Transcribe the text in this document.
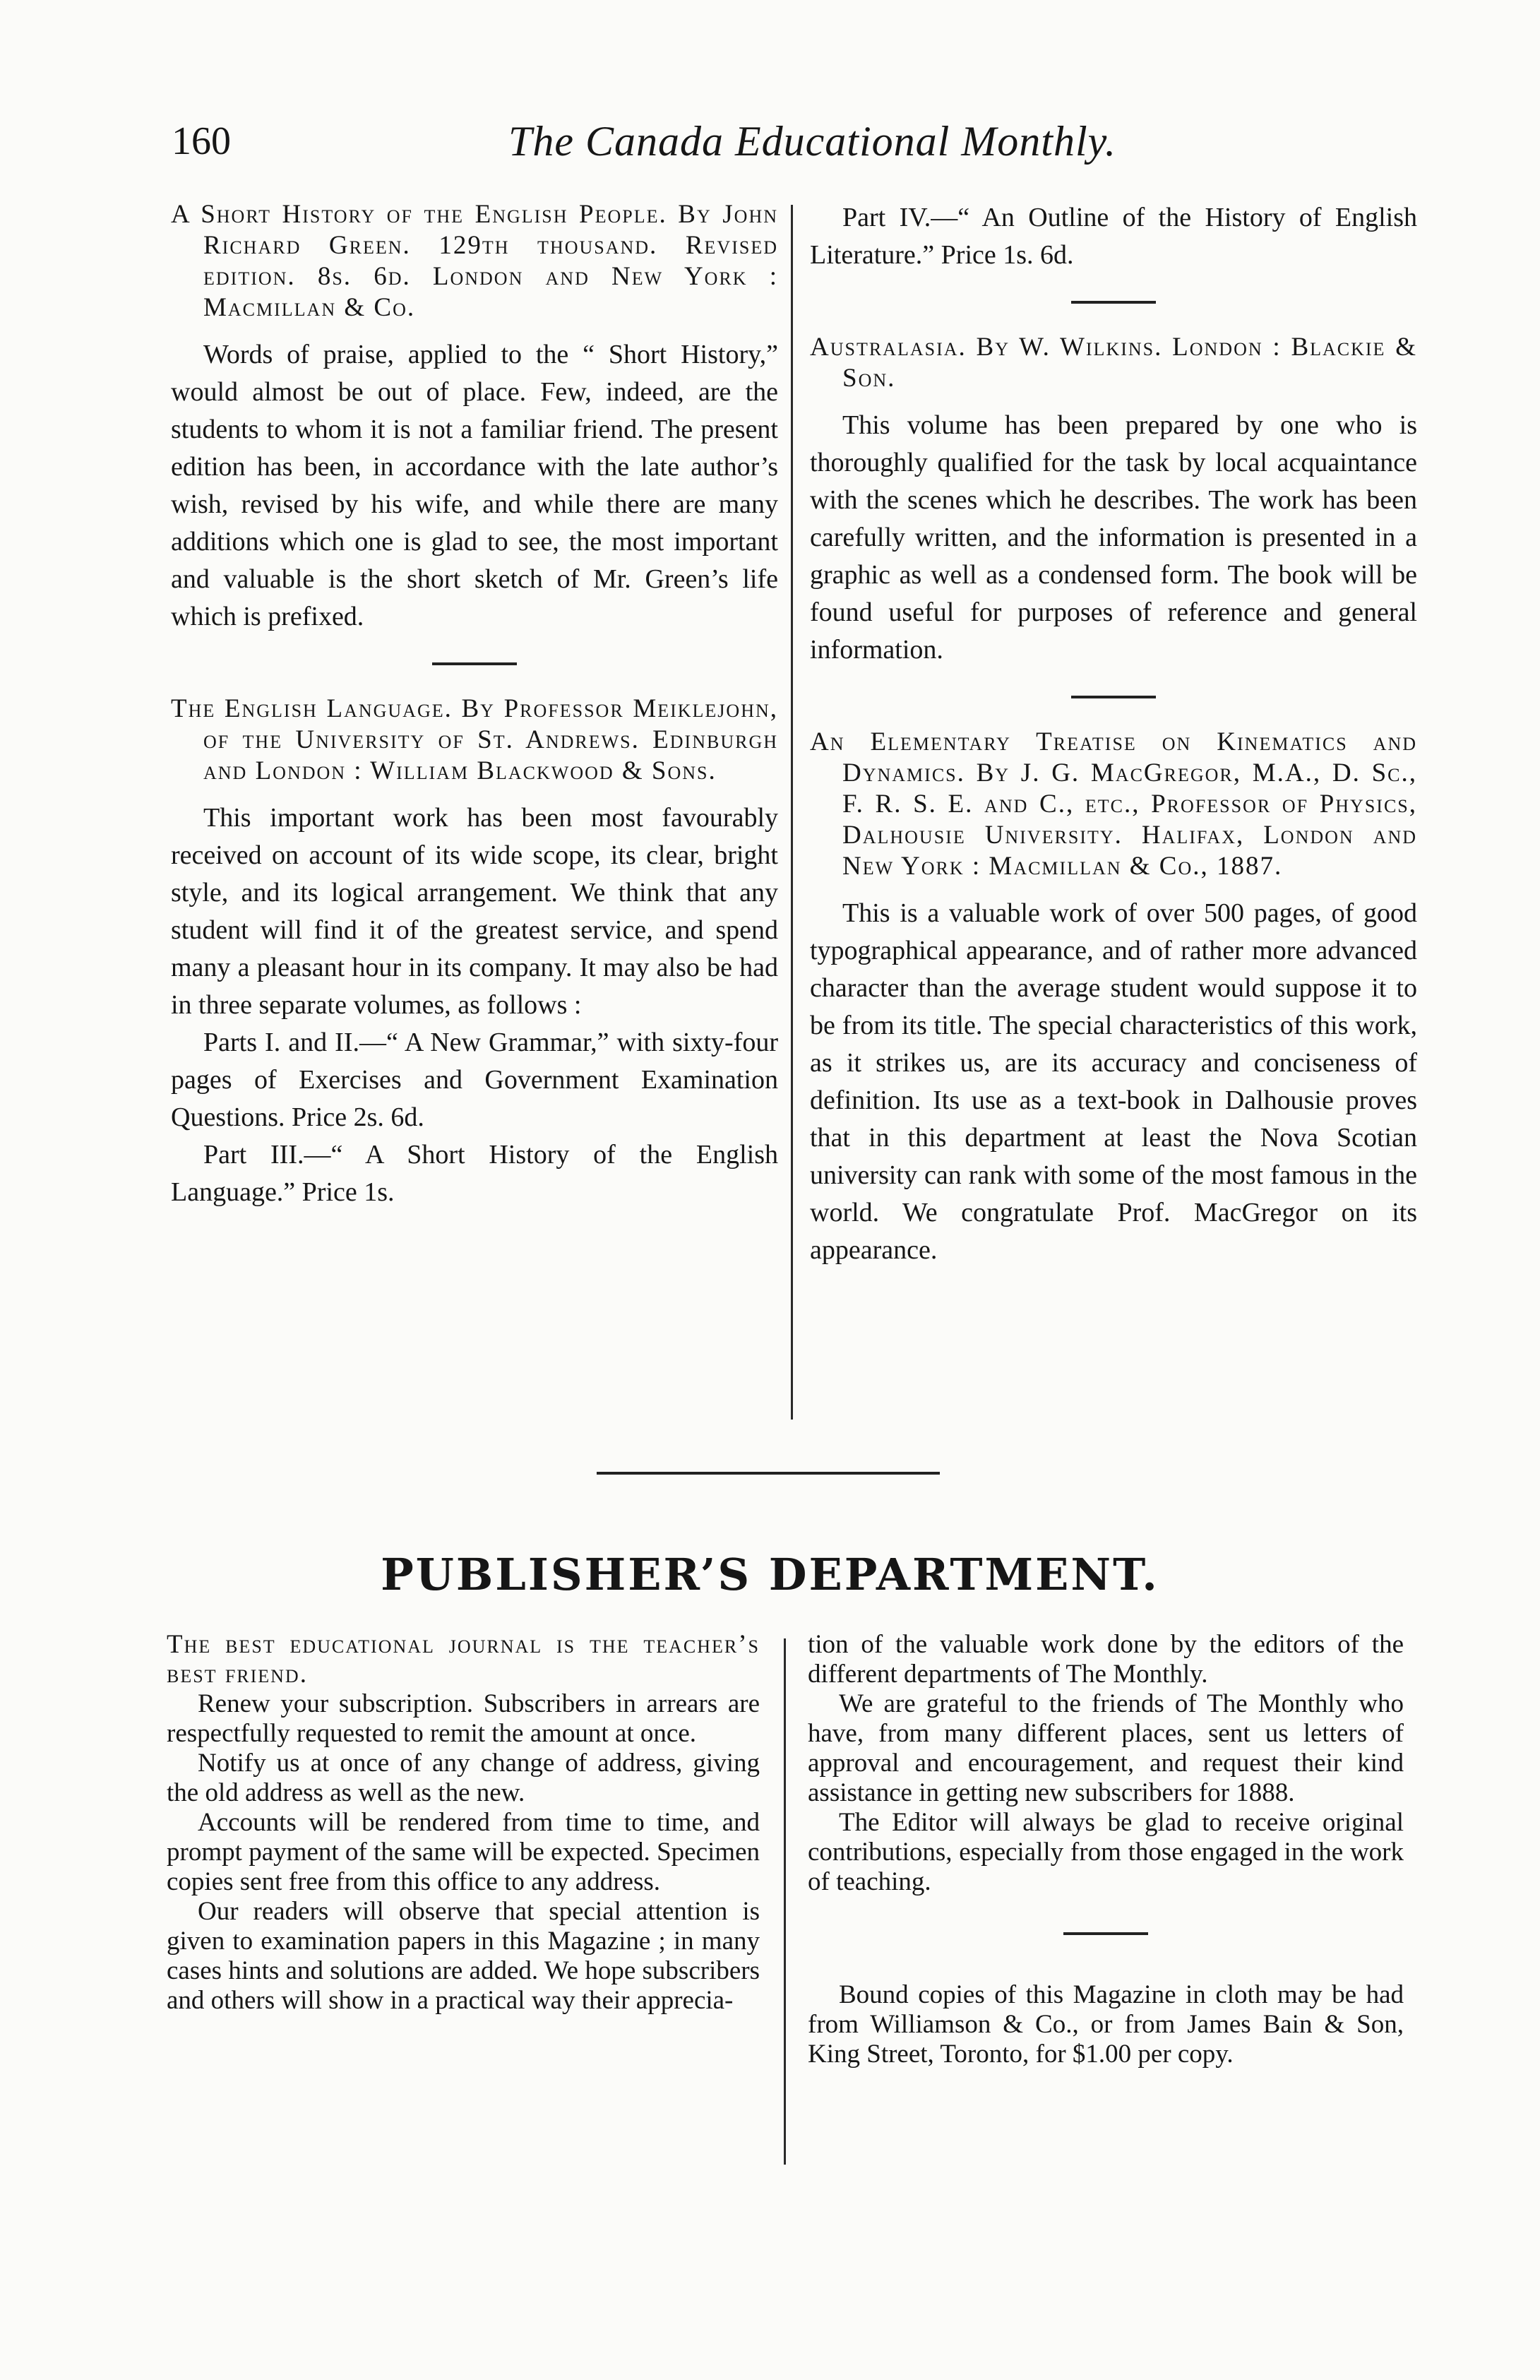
160	The Canada Educational Monthly.
A Short History of the English People. By John Richard Green. 129th thousand. Revised edition. 8s. 6d. London and New York : Macmillan & Co.

Words of praise, applied to the “ Short History,” would almost be out of place. Few, indeed, are the students to whom it is not a familiar friend. The present edition has been, in accordance with the late author’s wish, revised by his wife, and while there are many additions which one is glad to see, the most important and valuable is the short sketch of Mr. Green’s life which is prefixed.

The English Language. By Professor Meiklejohn, of the University of St. Andrews. Edinburgh and London : William Blackwood & Sons.

This important work has been most favourably received on account of its wide scope, its clear, bright style, and its logical arrangement. We think that any student will find it of the greatest service, and spend many a pleasant hour in its company. It may also be had in three separate volumes, as follows :

Parts I. and II.—“ A New Grammar,” with sixty-four pages of Exercises and Government Examination Questions. Price 2s. 6d.

Part III.—“ A Short History of the English Language.” Price 1s.

Part IV.—“ An Outline of the History of English Literature.” Price 1s. 6d.

Australasia. By W. Wilkins. London : Blackie & Son.

This volume has been prepared by one who is thoroughly qualified for the task by local acquaintance with the scenes which he describes. The work has been carefully written, and the information is presented in a graphic as well as a condensed form. The book will be found useful for purposes of reference and general information.

An Elementary Treatise on Kinematics and Dynamics. By J. G. MacGregor, M.A., D. Sc., F. R. S. E. and C., etc., Professor of Physics, Dalhousie University. Halifax, London and New York : Macmillan & Co., 1887.

This is a valuable work of over 500 pages, of good typographical appearance, and of rather more advanced character than the average student would suppose it to be from its title. The special characteristics of this work, as it strikes us, are its accuracy and conciseness of definition. Its use as a text-book in Dalhousie proves that in this department at least the Nova Scotian university can rank with some of the most famous in the world. We congratulate Prof. MacGregor on its appearance.

PUBLISHER’S DEPARTMENT.

The best educational journal is the teacher’s best friend.

Renew your subscription. Subscribers in arrears are respectfully requested to remit the amount at once.

Notify us at once of any change of address, giving the old address as well as the new.

Accounts will be rendered from time to time, and prompt payment of the same will be expected. Specimen copies sent free from this office to any address.

Our readers will observe that special attention is given to examination papers in this Magazine ; in many cases hints and solutions are added. We hope subscribers and others will show in a practical way their apprecia-

tion of the valuable work done by the editors of the different departments of The Monthly.

We are grateful to the friends of The Monthly who have, from many different places, sent us letters of approval and encouragement, and request their kind assistance in getting new subscribers for 1888.

The Editor will always be glad to receive original contributions, especially from those engaged in the work of teaching.

Bound copies of this Magazine in cloth may be had from Williamson & Co., or from James Bain & Son, King Street, Toronto, for $1.00 per copy.
